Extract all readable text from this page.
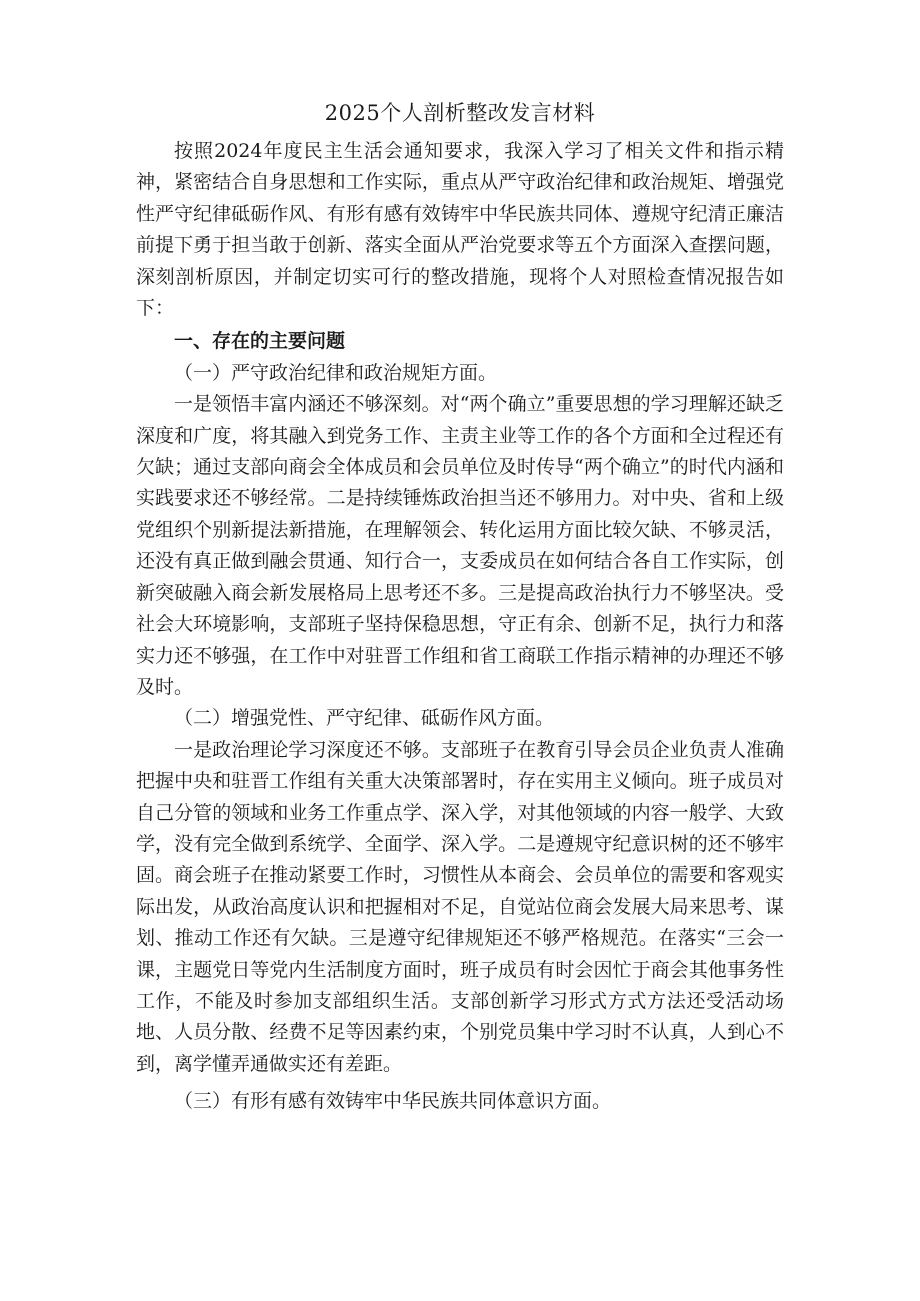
2025个人剖析整改发言材料

按照2024年度民主生活会通知要求，我深入学习了相关文件和指示精神，紧密结合自身思想和工作实际，重点从严守政治纪律和政治规矩、增强党性严守纪律砥砺作风、有形有感有效铸牢中华民族共同体、遵规守纪清正廉洁前提下勇于担当敢于创新、落实全面从严治党要求等五个方面深入查摆问题，深刻剖析原因，并制定切实可行的整改措施，现将个人对照检查情况报告如下：

一、存在的主要问题

（一）严守政治纪律和政治规矩方面。

一是领悟丰富内涵还不够深刻。对“两个确立”重要思想的学习理解还缺乏深度和广度，将其融入到党务工作、主责主业等工作的各个方面和全过程还有欠缺；通过支部向商会全体成员和会员单位及时传导“两个确立”的时代内涵和实践要求还不够经常。二是持续锤炼政治担当还不够用力。对中央、省和上级党组织个别新提法新措施，在理解领会、转化运用方面比较欠缺、不够灵活，还没有真正做到融会贯通、知行合一，支委成员在如何结合各自工作实际，创新突破融入商会新发展格局上思考还不多。三是提高政治执行力不够坚决。受社会大环境影响，支部班子坚持保稳思想，守正有余、创新不足，执行力和落实力还不够强，在工作中对驻晋工作组和省工商联工作指示精神的办理还不够及时。

（二）增强党性、严守纪律、砥砺作风方面。

一是政治理论学习深度还不够。支部班子在教育引导会员企业负责人准确把握中央和驻晋工作组有关重大决策部署时，存在实用主义倾向。班子成员对自己分管的领域和业务工作重点学、深入学，对其他领域的内容一般学、大致学，没有完全做到系统学、全面学、深入学。二是遵规守纪意识树的还不够牢固。商会班子在推动紧要工作时，习惯性从本商会、会员单位的需要和客观实际出发，从政治高度认识和把握相对不足，自觉站位商会发展大局来思考、谋划、推动工作还有欠缺。三是遵守纪律规矩还不够严格规范。在落实“三会一课，主题党日等党内生活制度方面时，班子成员有时会因忙于商会其他事务性工作，不能及时参加支部组织生活。支部创新学习形式方式方法还受活动场地、人员分散、经费不足等因素约束，个别党员集中学习时不认真，人到心不到，离学懂弄通做实还有差距。

（三）有形有感有效铸牢中华民族共同体意识方面。
